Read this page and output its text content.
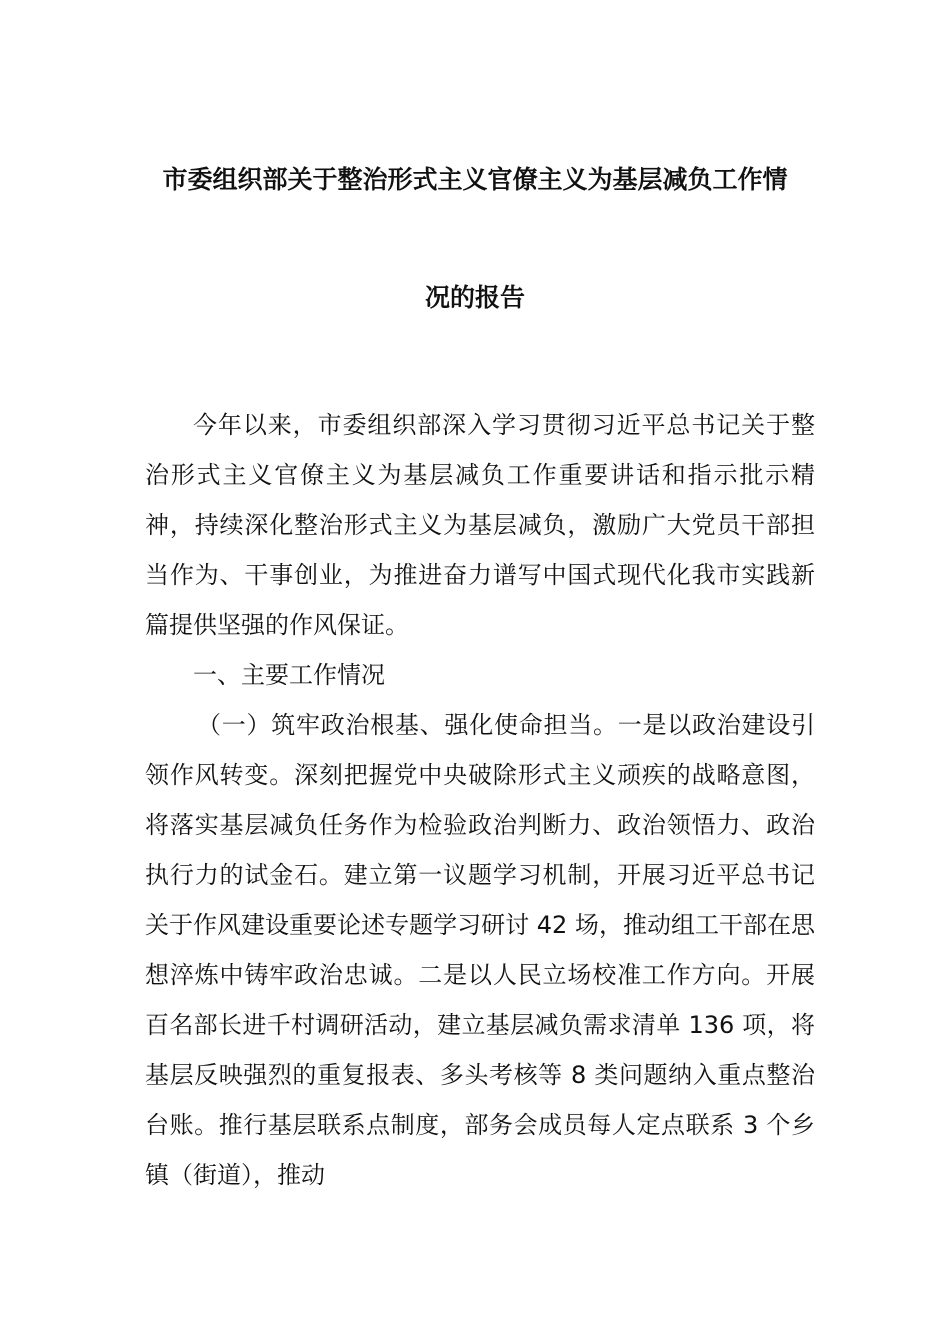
市委组织部关于整治形式主义官僚主义为基层减负工作情
况的报告

今年以来，市委组织部深入学习贯彻习近平总书记关于整治形式主义官僚主义为基层减负工作重要讲话和指示批示精神，持续深化整治形式主义为基层减负，激励广大党员干部担当作为、干事创业，为推进奋力谱写中国式现代化我市实践新篇提供坚强的作风保证。

一、主要工作情况

（一）筑牢政治根基、强化使命担当。一是以政治建设引领作风转变。深刻把握党中央破除形式主义顽疾的战略意图，将落实基层减负任务作为检验政治判断力、政治领悟力、政治执行力的试金石。建立第一议题学习机制，开展习近平总书记关于作风建设重要论述专题学习研讨 42 场，推动组工干部在思想淬炼中铸牢政治忠诚。二是以人民立场校准工作方向。开展百名部长进千村调研活动，建立基层减负需求清单 136 项，将基层反映强烈的重复报表、多头考核等 8 类问题纳入重点整治台账。推行基层联系点制度，部务会成员每人定点联系 3 个乡镇（街道），推动
